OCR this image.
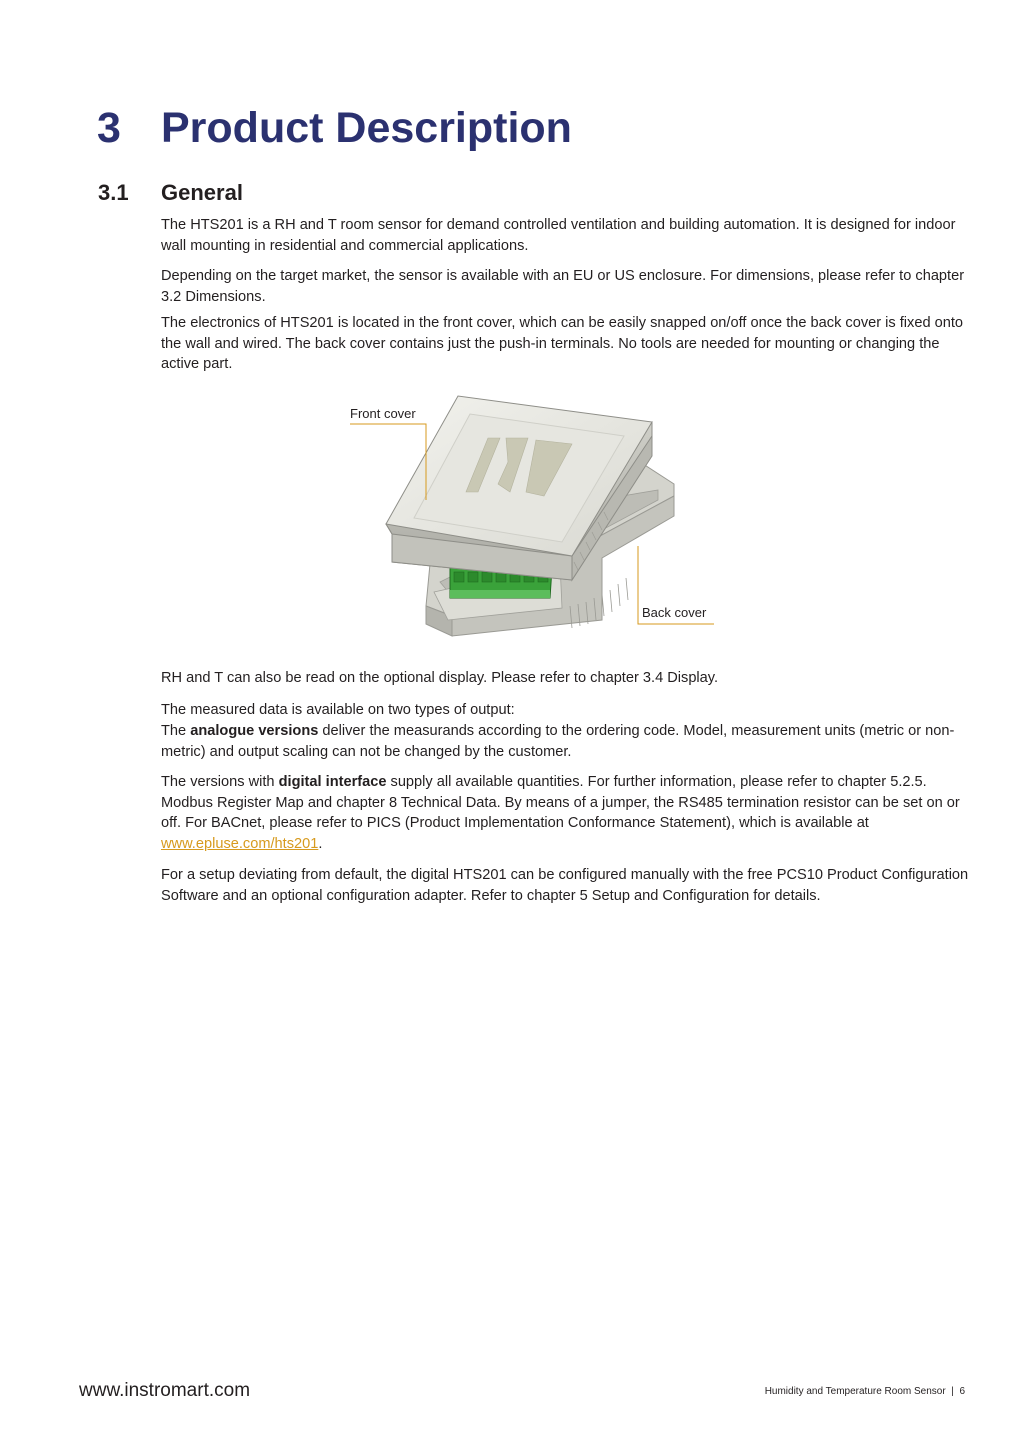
3 Product Description
3.1 General

The HTS201 is a RH and T room sensor for demand controlled ventilation and building automation. It is designed for indoor wall mounting in residential and commercial applications.

Depending on the target market, the sensor is available with an EU or US enclosure. For dimensions, please refer to chapter 3.2 Dimensions.

The electronics of HTS201 is located in the front cover, which can be easily snapped on/off once the back cover is fixed onto the wall and wired. The back cover contains just the push-in terminals. No tools are needed for mounting or changing the active part.

Front cover
Back cover

RH and T can also be read on the optional display. Please refer to chapter 3.4 Display.

The measured data is available on two types of output:

The analogue versions deliver the measurands according to the ordering code. Model, measurement units (metric or non-metric) and output scaling can not be changed by the customer.

The versions with digital interface supply all available quantities. For further information, please refer to chapter 5.2.5. Modbus Register Map and chapter 8 Technical Data. By means of a jumper, the RS485 termination resistor can be set on or off. For BACnet, please refer to PICS (Product Implementation Conformance Statement), which is available at www.epluse.com/hts201.

For a setup deviating from default, the digital HTS201 can be configured manually with the free PCS10 Product Configuration Software and an optional configuration adapter. Refer to chapter 5 Setup and Configuration for details.

www.instromart.com	Humidity and Temperature Room Sensor | 6
